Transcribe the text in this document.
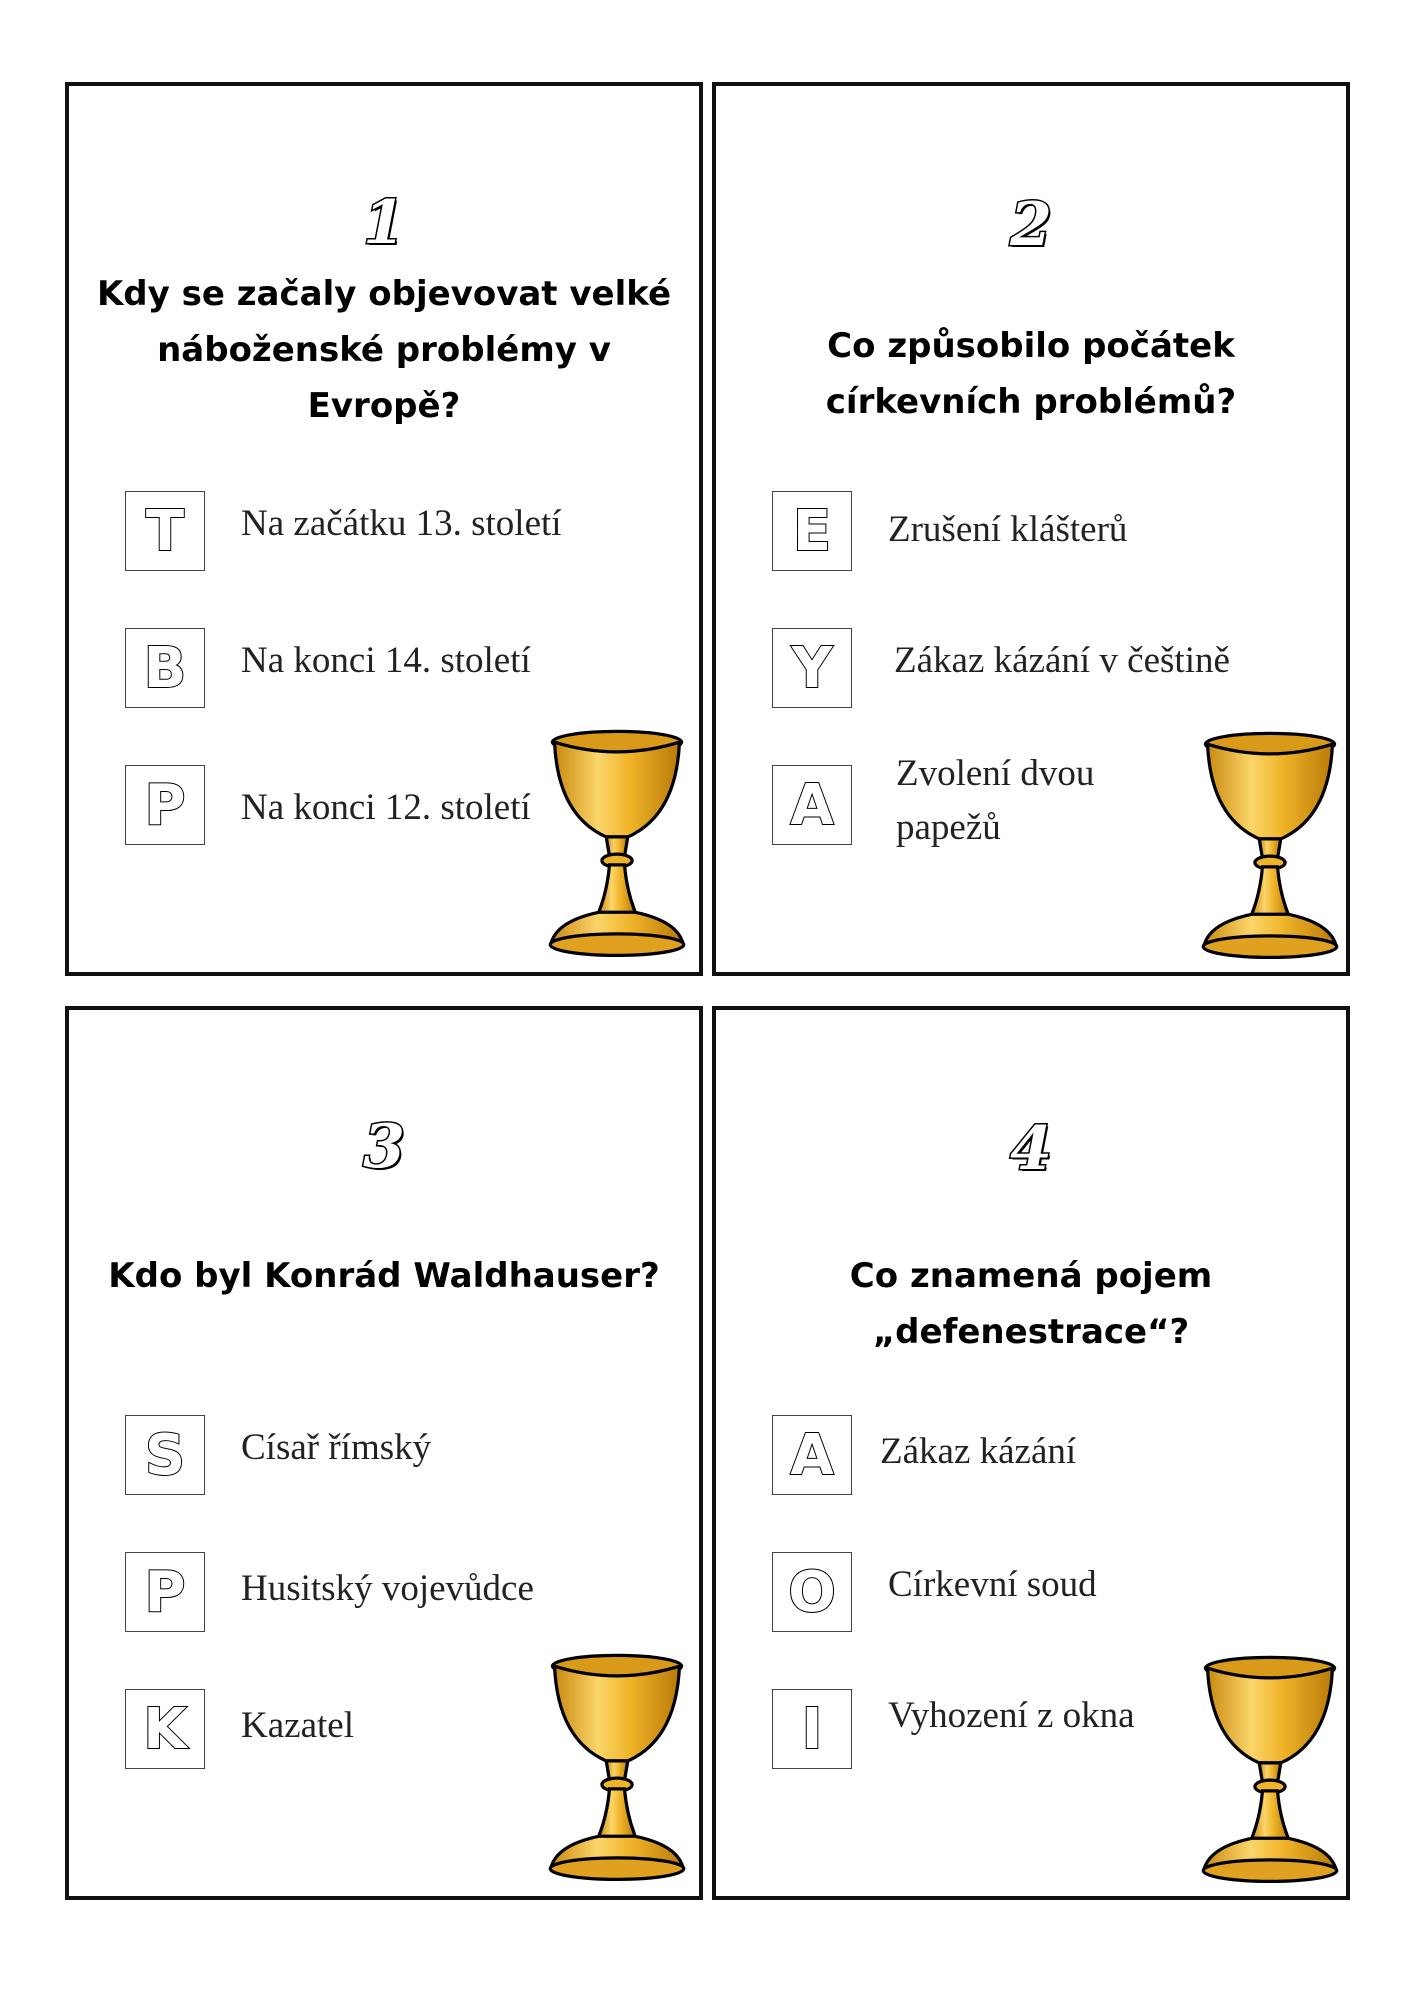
1

Kdy se začaly objevovat velké náboženské problémy v Evropě?

T	Na začátku 13. století

B	Na konci 14. století

P	Na konci 12. století

2

Co způsobilo počátek církevních problémů?

E	Zrušení klášterů

Y	Zákaz kázání v češtině

A	Zvolení dvou papežů

3

Kdo byl Konrád Waldhauser?

S	Císař římský

P	Husitský vojevůdce

K	Kazatel

4

Co znamená pojem „defenestrace“?

A	Zákaz kázání

O	Církevní soud

I	Vyhození z okna
